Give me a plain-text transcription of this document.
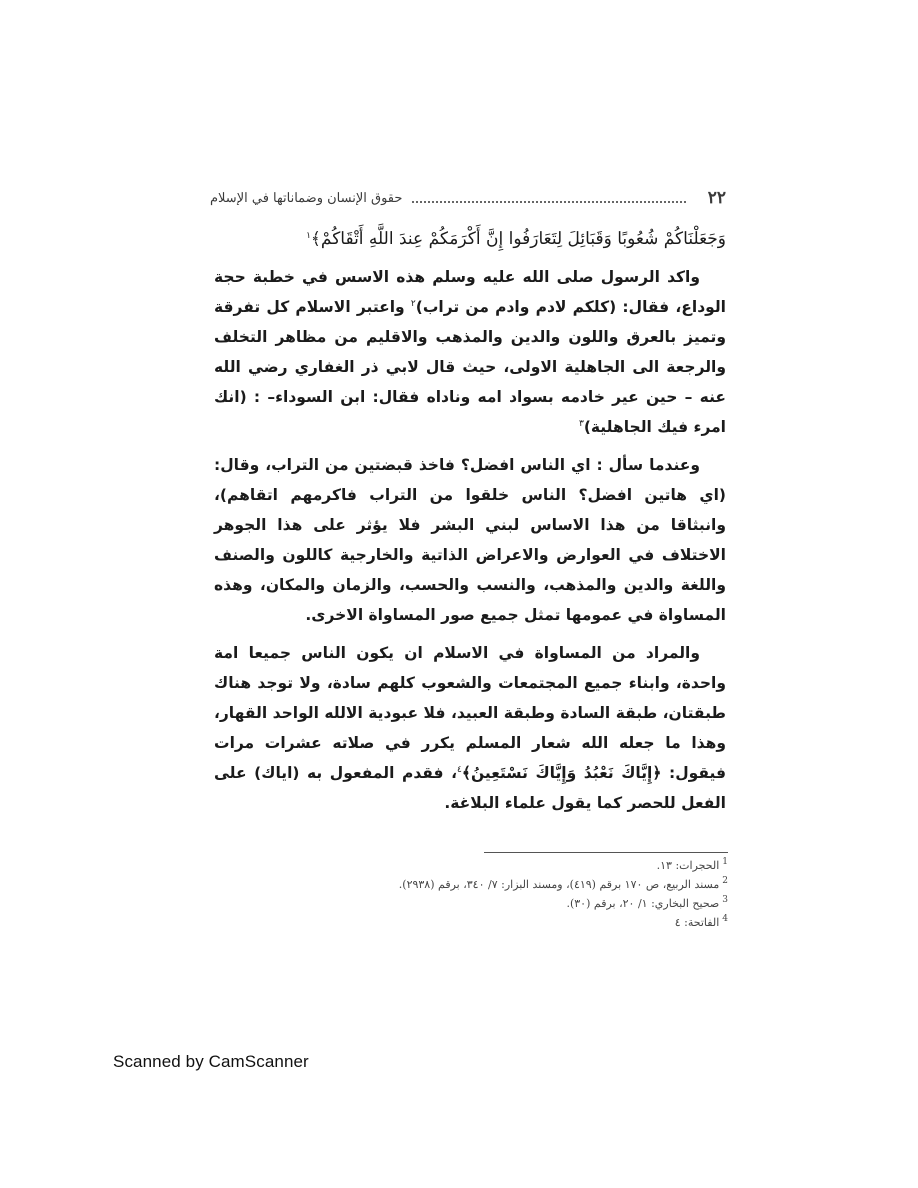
٢٢
حقوق الإنسان وضماناتها في الإسلام

وَجَعَلْنَاكُمْ شُعُوبًا وَقَبَائِلَ لِتَعَارَفُوا إِنَّ أَكْرَمَكُمْ عِندَ اللَّهِ أَتْقَاكُمْ﴾$^١$

واكد الرسول صلى الله عليه وسلم هذه الاسس في خطبة حجة الوداع، فقال: (كلكم لادم وادم من تراب)$^٢$ واعتبر الاسلام كل تفرقة وتميز بالعرق واللون والدين والمذهب والاقليم من مظاهر التخلف والرجعة الى الجاهلية الاولى، حيث قال لابي ذر الغفاري رضي الله عنه – حين عير خادمه بسواد امه وناداه فقال: ابن السوداء– : (انك امرء فيك الجاهلية)$^٣$

وعندما سأل : اي الناس افضل؟ فاخذ قبضتين من التراب، وقال: (اي هاتين افضل؟ الناس خلقوا من التراب فاكرمهم اتقاهم)، وانبثاقا من هذا الاساس لبني البشر فلا يؤثر على هذا الجوهر الاختلاف في العوارض والاعراض الذاتية والخارجية كاللون والصنف واللغة والدين والمذهب، والنسب والحسب، والزمان والمكان، وهذه المساواة في عمومها تمثل جميع صور المساواة الاخرى.

والمراد من المساواة في الاسلام ان يكون الناس جميعا امة واحدة، وابناء جميع المجتمعات والشعوب كلهم سادة، ولا توجد هناك طبقتان، طبقة السادة وطبقة العبيد، فلا عبودية الالله الواحد القهار، وهذا ما جعله الله شعار المسلم يكرر في صلاته عشرات مرات فيقول: ﴿إِيَّاكَ نَعْبُدُ وَإِيَّاكَ نَسْتَعِينُ﴾$^٤$، فقدم المفعول به (اياك) على الفعل للحصر كما يقول علماء البلاغة.

$^1$الحجرات: ١٣.
$^2$مسند الربيع، ص ١٧٠ برقم (٤١٩)، ومسند البزار: ٧/ ٣٤٠، برقم (٢٩٣٨).
$^3$صحيح البخاري: ١/ ٢٠، برقم (٣٠).
$^4$الفاتحة: ٤
Scanned by CamScanner
